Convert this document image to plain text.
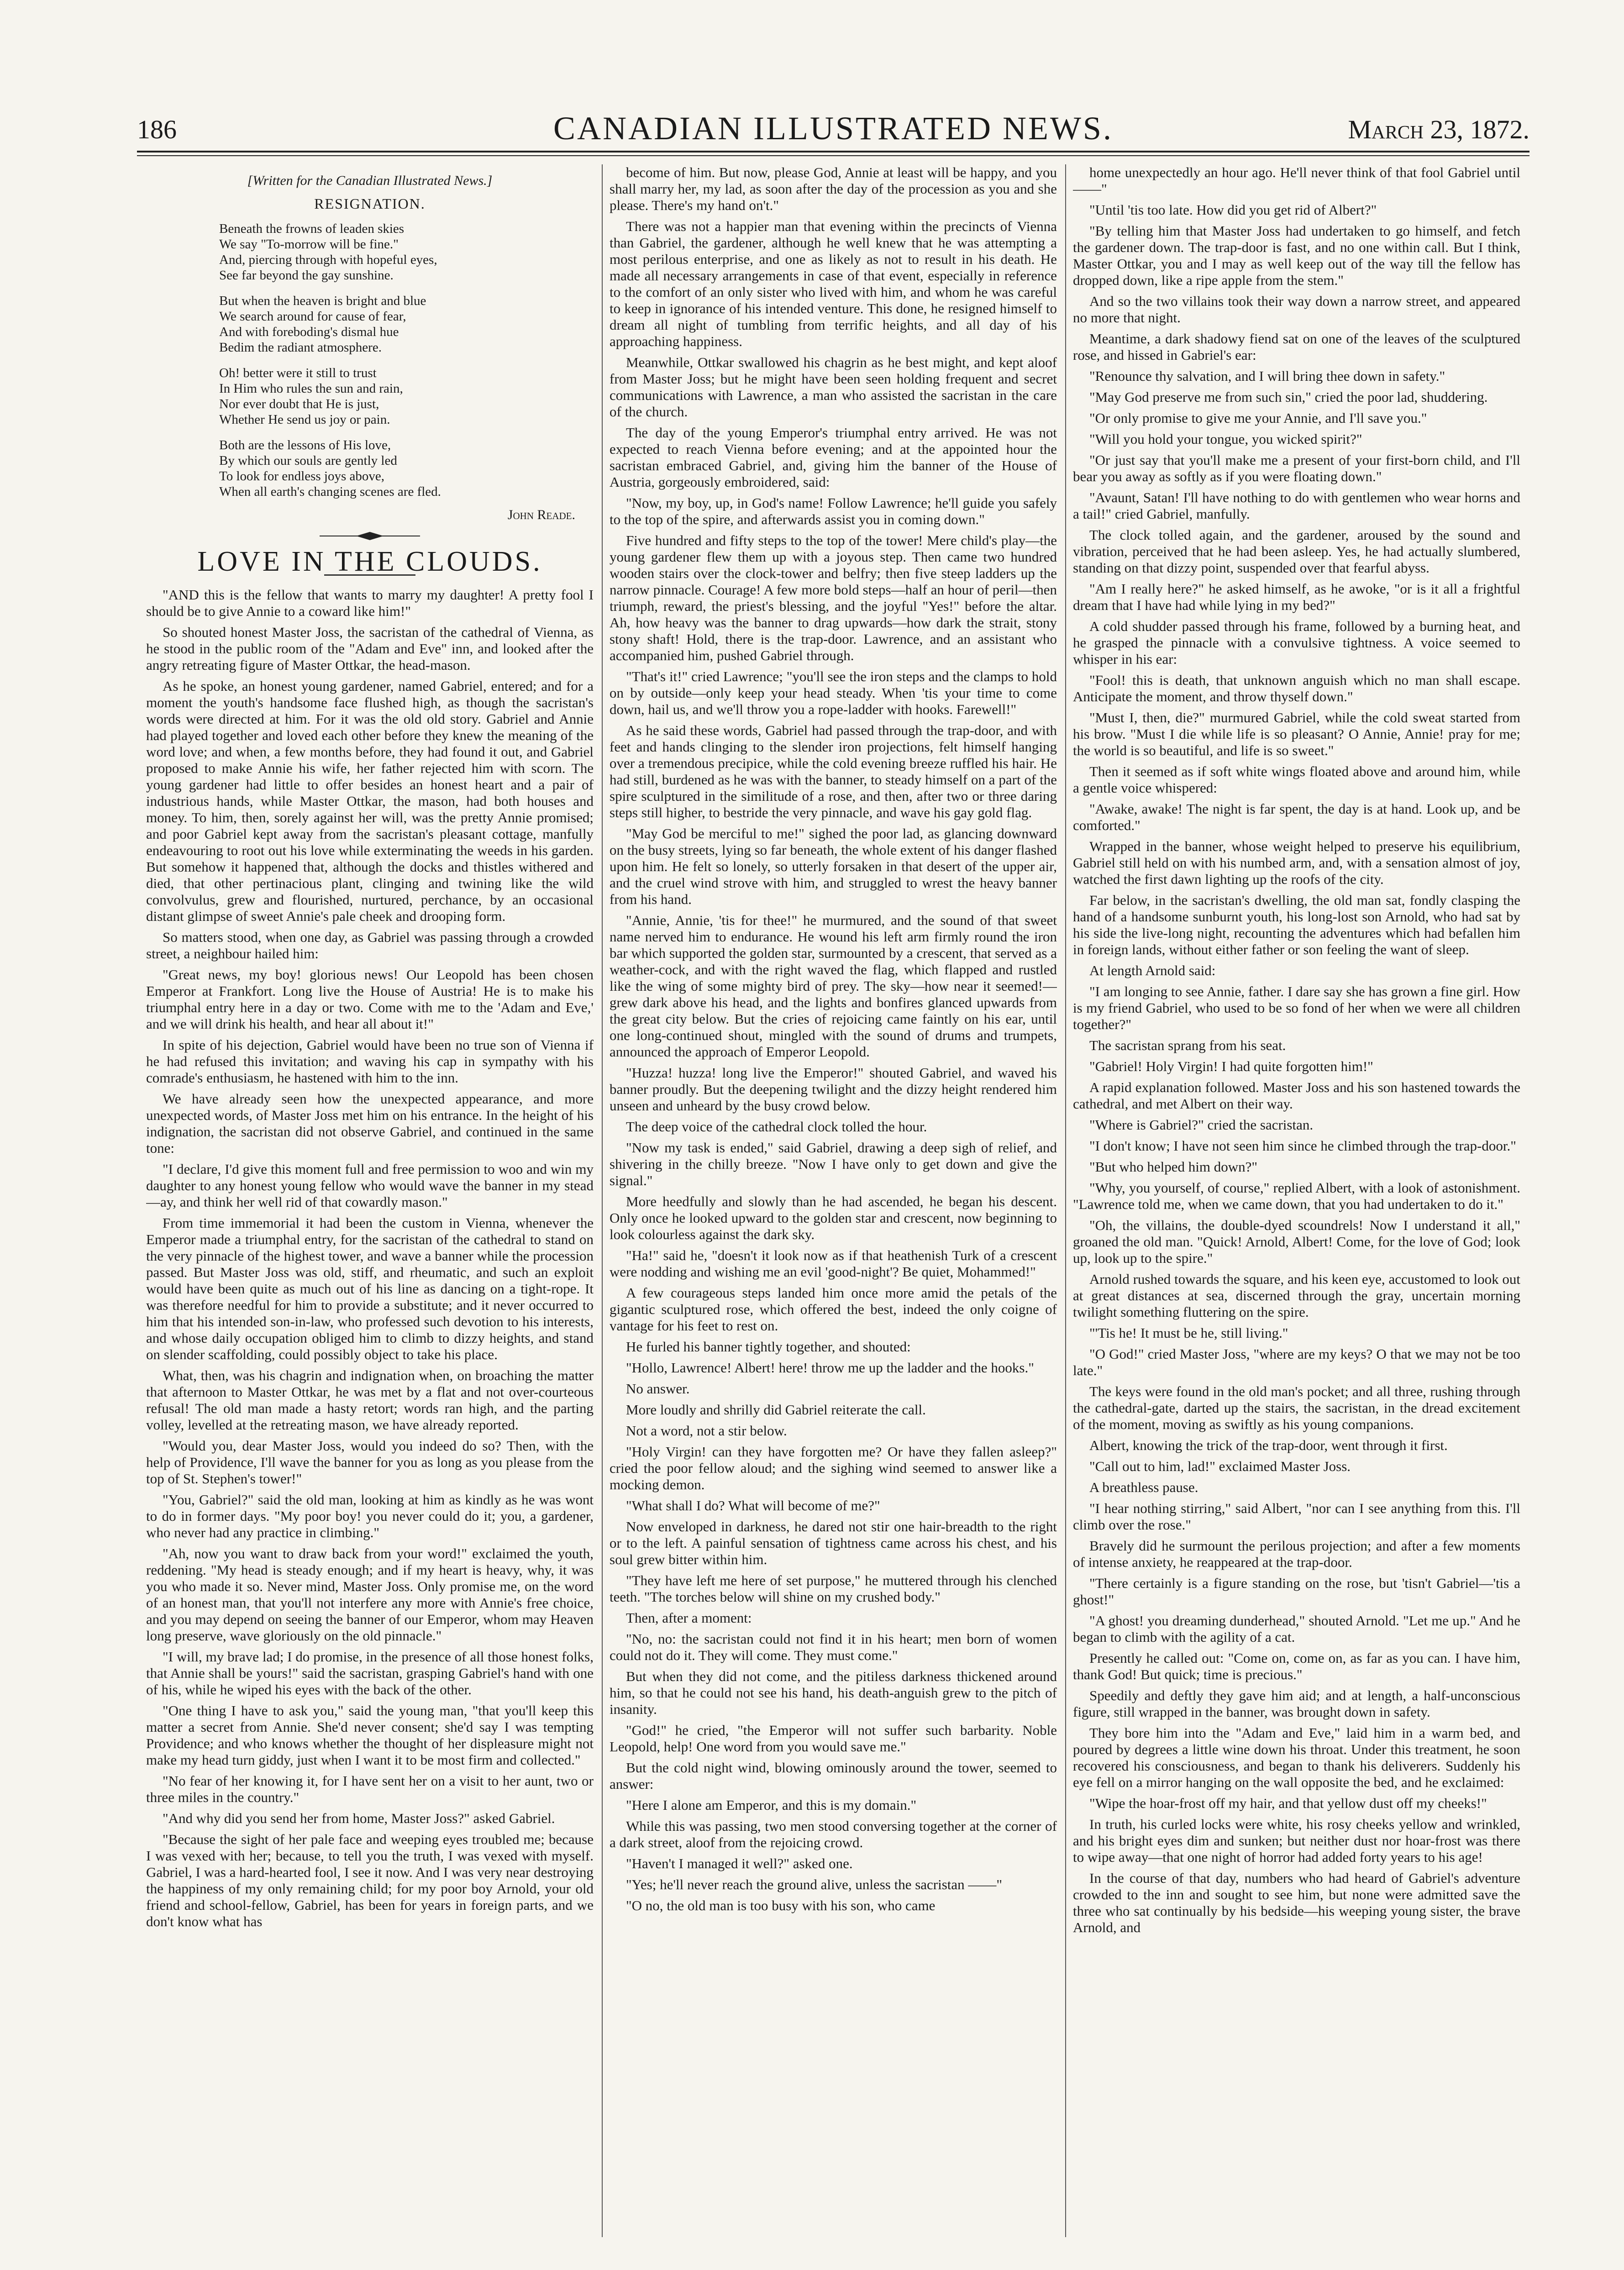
186	CANADIAN ILLUSTRATED NEWS.	March 23, 1872.
[Written for the Canadian Illustrated News.]
RESIGNATION.
Beneath the frowns of leaden skies
We say "To-morrow will be fine."
And, piercing through with hopeful eyes,
See far beyond the gay sunshine.
But when the heaven is bright and blue
We search around for cause of fear,
And with foreboding's dismal hue
Bedim the radiant atmosphere.
Oh! better were it still to trust
In Him who rules the sun and rain,
Nor ever doubt that He is just,
Whether He send us joy or pain.
Both are the lessons of His love,
By which our souls are gently led
To look for endless joys above,
When all earth's changing scenes are fled.
John Reade.
LOVE IN THE CLOUDS.

"AND this is the fellow that wants to marry my daughter! A pretty fool I should be to give Annie to a coward like him!"

So shouted honest Master Joss, the sacristan of the cathedral of Vienna, as he stood in the public room of the "Adam and Eve" inn, and looked after the angry retreating figure of Master Ottkar, the head-mason.

As he spoke, an honest young gardener, named Gabriel, entered; and for a moment the youth's handsome face flushed high, as though the sacristan's words were directed at him. For it was the old old story. Gabriel and Annie had played together and loved each other before they knew the meaning of the word love; and when, a few months before, they had found it out, and Gabriel proposed to make Annie his wife, her father rejected him with scorn. The young gardener had little to offer besides an honest heart and a pair of industrious hands, while Master Ottkar, the mason, had both houses and money. To him, then, sorely against her will, was the pretty Annie promised; and poor Gabriel kept away from the sacristan's pleasant cottage, manfully endeavouring to root out his love while exterminating the weeds in his garden. But somehow it happened that, although the docks and thistles withered and died, that other pertinacious plant, clinging and twining like the wild convolvulus, grew and flourished, nurtured, perchance, by an occasional distant glimpse of sweet Annie's pale cheek and drooping form.

So matters stood, when one day, as Gabriel was passing through a crowded street, a neighbour hailed him:

"Great news, my boy! glorious news! Our Leopold has been chosen Emperor at Frankfort. Long live the House of Austria! He is to make his triumphal entry here in a day or two. Come with me to the 'Adam and Eve,' and we will drink his health, and hear all about it!"

In spite of his dejection, Gabriel would have been no true son of Vienna if he had refused this invitation; and waving his cap in sympathy with his comrade's enthusiasm, he hastened with him to the inn.

We have already seen how the unexpected appearance, and more unexpected words, of Master Joss met him on his entrance. In the height of his indignation, the sacristan did not observe Gabriel, and continued in the same tone:

"I declare, I'd give this moment full and free permission to woo and win my daughter to any honest young fellow who would wave the banner in my stead—ay, and think her well rid of that cowardly mason."

From time immemorial it had been the custom in Vienna, whenever the Emperor made a triumphal entry, for the sacristan of the cathedral to stand on the very pinnacle of the highest tower, and wave a banner while the procession passed. But Master Joss was old, stiff, and rheumatic, and such an exploit would have been quite as much out of his line as dancing on a tight-rope. It was therefore needful for him to provide a substitute; and it never occurred to him that his intended son-in-law, who professed such devotion to his interests, and whose daily occupation obliged him to climb to dizzy heights, and stand on slender scaffolding, could possibly object to take his place.

What, then, was his chagrin and indignation when, on broaching the matter that afternoon to Master Ottkar, he was met by a flat and not over-courteous refusal! The old man made a hasty retort; words ran high, and the parting volley, levelled at the retreating mason, we have already reported.

"Would you, dear Master Joss, would you indeed do so? Then, with the help of Providence, I'll wave the banner for you as long as you please from the top of St. Stephen's tower!"

"You, Gabriel?" said the old man, looking at him as kindly as he was wont to do in former days. "My poor boy! you never could do it; you, a gardener, who never had any practice in climbing."

"Ah, now you want to draw back from your word!" exclaimed the youth, reddening. "My head is steady enough; and if my heart is heavy, why, it was you who made it so. Never mind, Master Joss. Only promise me, on the word of an honest man, that you'll not interfere any more with Annie's free choice, and you may depend on seeing the banner of our Emperor, whom may Heaven long preserve, wave gloriously on the old pinnacle."

"I will, my brave lad; I do promise, in the presence of all those honest folks, that Annie shall be yours!" said the sacristan, grasping Gabriel's hand with one of his, while he wiped his eyes with the back of the other.

"One thing I have to ask you," said the young man, "that you'll keep this matter a secret from Annie. She'd never consent; she'd say I was tempting Providence; and who knows whether the thought of her displeasure might not make my head turn giddy, just when I want it to be most firm and collected."

"No fear of her knowing it, for I have sent her on a visit to her aunt, two or three miles in the country."

"And why did you send her from home, Master Joss?" asked Gabriel.

"Because the sight of her pale face and weeping eyes troubled me; because I was vexed with her; because, to tell you the truth, I was vexed with myself. Gabriel, I was a hard-hearted fool, I see it now. And I was very near destroying the happiness of my only remaining child; for my poor boy Arnold, your old friend and school-fellow, Gabriel, has been for years in foreign parts, and we don't know what has

become of him. But now, please God, Annie at least will be happy, and you shall marry her, my lad, as soon after the day of the procession as you and she please. There's my hand on't."

There was not a happier man that evening within the precincts of Vienna than Gabriel, the gardener, although he well knew that he was attempting a most perilous enterprise, and one as likely as not to result in his death. He made all necessary arrangements in case of that event, especially in reference to the comfort of an only sister who lived with him, and whom he was careful to keep in ignorance of his intended venture. This done, he resigned himself to dream all night of tumbling from terrific heights, and all day of his approaching happiness.

Meanwhile, Ottkar swallowed his chagrin as he best might, and kept aloof from Master Joss; but he might have been seen holding frequent and secret communications with Lawrence, a man who assisted the sacristan in the care of the church.

The day of the young Emperor's triumphal entry arrived. He was not expected to reach Vienna before evening; and at the appointed hour the sacristan embraced Gabriel, and, giving him the banner of the House of Austria, gorgeously embroidered, said:

"Now, my boy, up, in God's name! Follow Lawrence; he'll guide you safely to the top of the spire, and afterwards assist you in coming down."

Five hundred and fifty steps to the top of the tower! Mere child's play—the young gardener flew them up with a joyous step. Then came two hundred wooden stairs over the clock-tower and belfry; then five steep ladders up the narrow pinnacle. Courage! A few more bold steps—half an hour of peril—then triumph, reward, the priest's blessing, and the joyful "Yes!" before the altar. Ah, how heavy was the banner to drag upwards—how dark the strait, stony stony shaft! Hold, there is the trap-door. Lawrence, and an assistant who accompanied him, pushed Gabriel through.

"That's it!" cried Lawrence; "you'll see the iron steps and the clamps to hold on by outside—only keep your head steady. When 'tis your time to come down, hail us, and we'll throw you a rope-ladder with hooks. Farewell!"

As he said these words, Gabriel had passed through the trap-door, and with feet and hands clinging to the slender iron projections, felt himself hanging over a tremendous precipice, while the cold evening breeze ruffled his hair. He had still, burdened as he was with the banner, to steady himself on a part of the spire sculptured in the similitude of a rose, and then, after two or three daring steps still higher, to bestride the very pinnacle, and wave his gay gold flag.

"May God be merciful to me!" sighed the poor lad, as glancing downward on the busy streets, lying so far beneath, the whole extent of his danger flashed upon him. He felt so lonely, so utterly forsaken in that desert of the upper air, and the cruel wind strove with him, and struggled to wrest the heavy banner from his hand.

"Annie, Annie, 'tis for thee!" he murmured, and the sound of that sweet name nerved him to endurance. He wound his left arm firmly round the iron bar which supported the golden star, surmounted by a crescent, that served as a weather-cock, and with the right waved the flag, which flapped and rustled like the wing of some mighty bird of prey. The sky—how near it seemed!—grew dark above his head, and the lights and bonfires glanced upwards from the great city below. But the cries of rejoicing came faintly on his ear, until one long-continued shout, mingled with the sound of drums and trumpets, announced the approach of Emperor Leopold.

"Huzza! huzza! long live the Emperor!" shouted Gabriel, and waved his banner proudly. But the deepening twilight and the dizzy height rendered him unseen and unheard by the busy crowd below.

The deep voice of the cathedral clock tolled the hour.

"Now my task is ended," said Gabriel, drawing a deep sigh of relief, and shivering in the chilly breeze. "Now I have only to get down and give the signal."

More heedfully and slowly than he had ascended, he began his descent. Only once he looked upward to the golden star and crescent, now beginning to look colourless against the dark sky.

"Ha!" said he, "doesn't it look now as if that heathenish Turk of a crescent were nodding and wishing me an evil 'good-night'? Be quiet, Mohammed!"

A few courageous steps landed him once more amid the petals of the gigantic sculptured rose, which offered the best, indeed the only coigne of vantage for his feet to rest on.

He furled his banner tightly together, and shouted:

"Hollo, Lawrence! Albert! here! throw me up the ladder and the hooks."

No answer.

More loudly and shrilly did Gabriel reiterate the call.

Not a word, not a stir below.

"Holy Virgin! can they have forgotten me? Or have they fallen asleep?" cried the poor fellow aloud; and the sighing wind seemed to answer like a mocking demon.

"What shall I do? What will become of me?"

Now enveloped in darkness, he dared not stir one hair-breadth to the right or to the left. A painful sensation of tightness came across his chest, and his soul grew bitter within him.

"They have left me here of set purpose," he muttered through his clenched teeth. "The torches below will shine on my crushed body."

Then, after a moment:

"No, no: the sacristan could not find it in his heart; men born of women could not do it. They will come. They must come."

But when they did not come, and the pitiless darkness thickened around him, so that he could not see his hand, his death-anguish grew to the pitch of insanity.

"God!" he cried, "the Emperor will not suffer such barbarity. Noble Leopold, help! One word from you would save me."

But the cold night wind, blowing ominously around the tower, seemed to answer:

"Here I alone am Emperor, and this is my domain."

While this was passing, two men stood conversing together at the corner of a dark street, aloof from the rejoicing crowd.

"Haven't I managed it well?" asked one.

"Yes; he'll never reach the ground alive, unless the sacristan ——"

"O no, the old man is too busy with his son, who came

home unexpectedly an hour ago. He'll never think of that fool Gabriel until——"

"Until 'tis too late. How did you get rid of Albert?"

"By telling him that Master Joss had undertaken to go himself, and fetch the gardener down. The trap-door is fast, and no one within call. But I think, Master Ottkar, you and I may as well keep out of the way till the fellow has dropped down, like a ripe apple from the stem."

And so the two villains took their way down a narrow street, and appeared no more that night.

Meantime, a dark shadowy fiend sat on one of the leaves of the sculptured rose, and hissed in Gabriel's ear:

"Renounce thy salvation, and I will bring thee down in safety."

"May God preserve me from such sin," cried the poor lad, shuddering.

"Or only promise to give me your Annie, and I'll save you."

"Will you hold your tongue, you wicked spirit?"

"Or just say that you'll make me a present of your first-born child, and I'll bear you away as softly as if you were floating down."

"Avaunt, Satan! I'll have nothing to do with gentlemen who wear horns and a tail!" cried Gabriel, manfully.

The clock tolled again, and the gardener, aroused by the sound and vibration, perceived that he had been asleep. Yes, he had actually slumbered, standing on that dizzy point, suspended over that fearful abyss.

"Am I really here?" he asked himself, as he awoke, "or is it all a frightful dream that I have had while lying in my bed?"

A cold shudder passed through his frame, followed by a burning heat, and he grasped the pinnacle with a convulsive tightness. A voice seemed to whisper in his ear:

"Fool! this is death, that unknown anguish which no man shall escape. Anticipate the moment, and throw thyself down."

"Must I, then, die?" murmured Gabriel, while the cold sweat started from his brow. "Must I die while life is so pleasant? O Annie, Annie! pray for me; the world is so beautiful, and life is so sweet."

Then it seemed as if soft white wings floated above and around him, while a gentle voice whispered:

"Awake, awake! The night is far spent, the day is at hand. Look up, and be comforted."

Wrapped in the banner, whose weight helped to preserve his equilibrium, Gabriel still held on with his numbed arm, and, with a sensation almost of joy, watched the first dawn lighting up the roofs of the city.

Far below, in the sacristan's dwelling, the old man sat, fondly clasping the hand of a handsome sunburnt youth, his long-lost son Arnold, who had sat by his side the live-long night, recounting the adventures which had befallen him in foreign lands, without either father or son feeling the want of sleep.

At length Arnold said:

"I am longing to see Annie, father. I dare say she has grown a fine girl. How is my friend Gabriel, who used to be so fond of her when we were all children together?"

The sacristan sprang from his seat.

"Gabriel! Holy Virgin! I had quite forgotten him!"

A rapid explanation followed. Master Joss and his son hastened towards the cathedral, and met Albert on their way.

"Where is Gabriel?" cried the sacristan.

"I don't know; I have not seen him since he climbed through the trap-door."

"But who helped him down?"

"Why, you yourself, of course," replied Albert, with a look of astonishment. "Lawrence told me, when we came down, that you had undertaken to do it."

"Oh, the villains, the double-dyed scoundrels! Now I understand it all," groaned the old man. "Quick! Arnold, Albert! Come, for the love of God; look up, look up to the spire."

Arnold rushed towards the square, and his keen eye, accustomed to look out at great distances at sea, discerned through the gray, uncertain morning twilight something fluttering on the spire.

"'Tis he! It must be he, still living."

"O God!" cried Master Joss, "where are my keys? O that we may not be too late."

The keys were found in the old man's pocket; and all three, rushing through the cathedral-gate, darted up the stairs, the sacristan, in the dread excitement of the moment, moving as swiftly as his young companions.

Albert, knowing the trick of the trap-door, went through it first.

"Call out to him, lad!" exclaimed Master Joss.

A breathless pause.

"I hear nothing stirring," said Albert, "nor can I see anything from this. I'll climb over the rose."

Bravely did he surmount the perilous projection; and after a few moments of intense anxiety, he reappeared at the trap-door.

"There certainly is a figure standing on the rose, but 'tisn't Gabriel—'tis a ghost!"

"A ghost! you dreaming dunderhead," shouted Arnold. "Let me up." And he began to climb with the agility of a cat.

Presently he called out: "Come on, come on, as far as you can. I have him, thank God! But quick; time is precious."

Speedily and deftly they gave him aid; and at length, a half-unconscious figure, still wrapped in the banner, was brought down in safety.

They bore him into the "Adam and Eve," laid him in a warm bed, and poured by degrees a little wine down his throat. Under this treatment, he soon recovered his consciousness, and began to thank his deliverers. Suddenly his eye fell on a mirror hanging on the wall opposite the bed, and he exclaimed:

"Wipe the hoar-frost off my hair, and that yellow dust off my cheeks!"

In truth, his curled locks were white, his rosy cheeks yellow and wrinkled, and his bright eyes dim and sunken; but neither dust nor hoar-frost was there to wipe away—that one night of horror had added forty years to his age!

In the course of that day, numbers who had heard of Gabriel's adventure crowded to the inn and sought to see him, but none were admitted save the three who sat continually by his bedside—his weeping young sister, the brave Arnold, and
